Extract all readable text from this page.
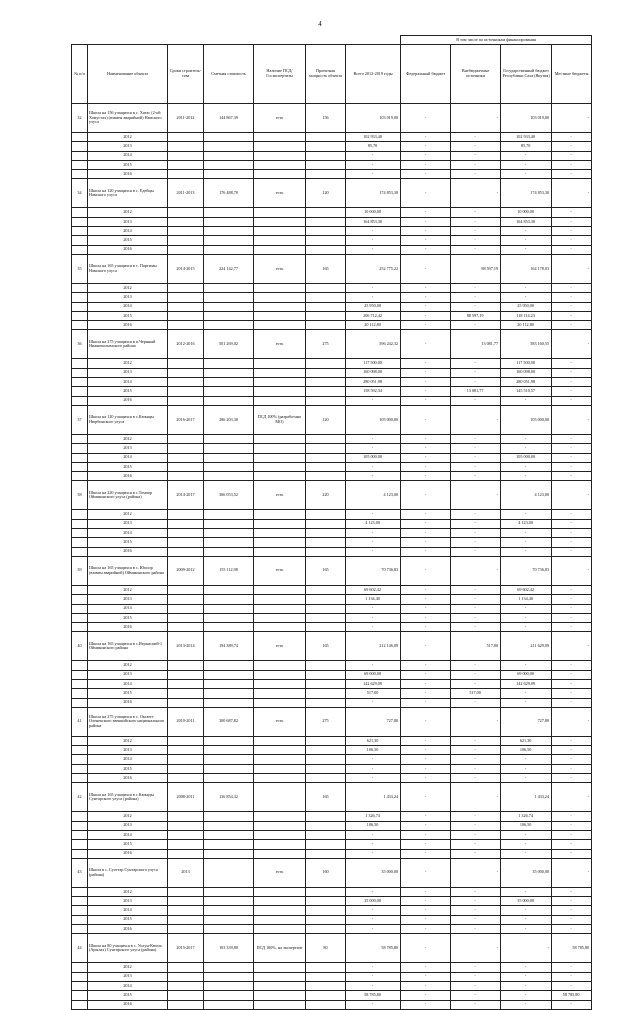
4
							В том числе по источникам финансирования			
№ п/п	Наименование объекта	Сроки строитель-ства	Сметная стоимость	Наличие ПСД/ Госэкспертизы	Проектная мощность объекта	Всего 2012-2019 годы	Федеральный бюджет	Внебюджетные источники	Государственный бюджет Республики Саха (Якутия)	Местные бюджеты
32	Школа на 156 учащихся в с. Хатас (2-ой Хомустах) (взамен аварийной) Намского улуса	2011-2012	144 867,39	есть	156	103 019,00	-	-	103 019,00	-
	2012					102 933,40	-	-	102 933,40	-
	2013					85,70	-	-	85,70	-
	2014					-	-	-	-	-
	2015					-	-	-	-	-
	2016					-	-	-	-	-
34	Школа на 120 учащихся в с. Едейцы Намского улуса	2011-2013	176 488,70	есть	120	174 853,30	-	-	174 853,30	-
	2012					10 000,00	-	-	10 000,00	-
	2013					164 853,30	-	-	164 853,30	-
	2014					-	-	-	-	-
	2015					-	-	-	-	-
	2016					-	-	-	-	-
35	Школа на 165 учащихся в с. Партизан Намского улуса	2014-2015	224 142,77	есть	165	252 775,22	-	88 597,19	164 178,03	-
	2012					-	-	-	-	-
	2013					-	-	-	-	-
	2014					25 950,00	-	-	25 950,00	-
	2015					206 712,42	-	88 597,19	118 114,23	-
	2016					20 112,80	-	-	20 112,80	-
36	Школа на 275 учащихся в п.Чернный Нижнеколымского района	2012-2016	501 269,02	есть	275	596 242,32	-	13 081,77	583 160,55	-
	2012					117 500,00	-	-	117 500,00	-
	2013					160 098,00	-	-	160 098,00	-
	2014					280 051,98	-	-	280 051,98	-
	2015					158 592,34	-	13 081,77	145 510,57	-
	2016					-	-	-	-	-
37	Школа на 120 учащихся в с.Кюкяцы Нюрбинского улуса	2016-2017	286 203,30	ПСД 100% (разработано МО)	120	105 000,00	-	-	105 000,00	-
	2012					-	-	-	-	-
	2013					-	-	-	-	-
	2014					105 000,00	-	-	105 000,00	-
	2015					-	-	-	-	-
	2016					-	-	-	-	-
38	Школа на 220 учащихся в с.Томпор Оймяконского улуса (района)	2014-2017	366 053,52	есть	220	4 123,00	-	-	4 123,00	-
	2012					-	-	-	-	-
	2013					4 123,00	-	-	4 123,00	-
	2014					-	-	-	-	-
	2015					-	-	-	-	-
	2016					-	-	-	-	-
39	Школа на 165 учащихся в с. Юпоор (взамен аварийной) Оймяконского района	2009-2012	155 112,98	есть	165	70 736,83	-	-	70 736,83	-
	2012					69 602,42	-	-	69 602,42	-
	2013					1 134,40	-	-	1 134,40	-
	2014					-	-	-	-	-
	2015					-	-	-	-	-
	2016					-	-	-	-	-
40	Школа на 165 учащихся в с.Игрьмский-1 Оймяконского района	2013-2014	194 389,74	есть	165	212 146,09	-	517,00	211 629,09	-
	2012					-	-	-	-	-
	2013					69 000,00	-	-	69 000,00	-
	2014					142 629,09	-	-	142 629,09	-
	2015					517,00	-	517,00	-	-
	2016					-	-	-	-	-
41	Школа на 275 учащихся в с. Оксюте Оленекского эвенкийского национального района	2010-2011	300 687,82	есть	275	727,80	-	-	727,80	-
	2012					621,30	-	-	621,30	-
	2013					106,50	-	-	106,50	-
	2014					-	-	-	-	-
	2015					-	-	-	-	-
	2016					-	-	-	-	-
42	Школа на 165 учащихся в с.Кюкяды Сунтарского улуса (района)	2008-2011	136 854,32		165	1 433,24	-	-	1 433,24	-
	2012					1 326,74	-	-	1 326,74	-
	2013					106,50	-	-	106,50	-
	2014					-	-	-	-	-
	2015					-	-	-	-	-
	2016					-	-	-	-	-
43	Школа в с. Суоттар Сунтарского улуса (района)	2013		есть	160	35 000,00	-	-	35 000,00	-
	2012					-	-	-	-	-
	2013					35 000,00	-	-	35 000,00	-
	2014					-	-	-	-	-
	2015					-	-	-	-	-
	2016					-	-	-	-	-
44	Школа на 80 учащихся в с. Уолун-Кюоль (Арылах) Сунтарского улуса (района)	2015-2017	103 339,80	ПСД 100%, на экспертизе	80	58 785,80	-	-	-	58 785,80
	2012					-	-	-	-	-
	2013					-	-	-	-	-
	2014					-	-	-	-	-
	2015					58 785,80	-	-	-	58 785,80
	2016					-	-	-	-	-
